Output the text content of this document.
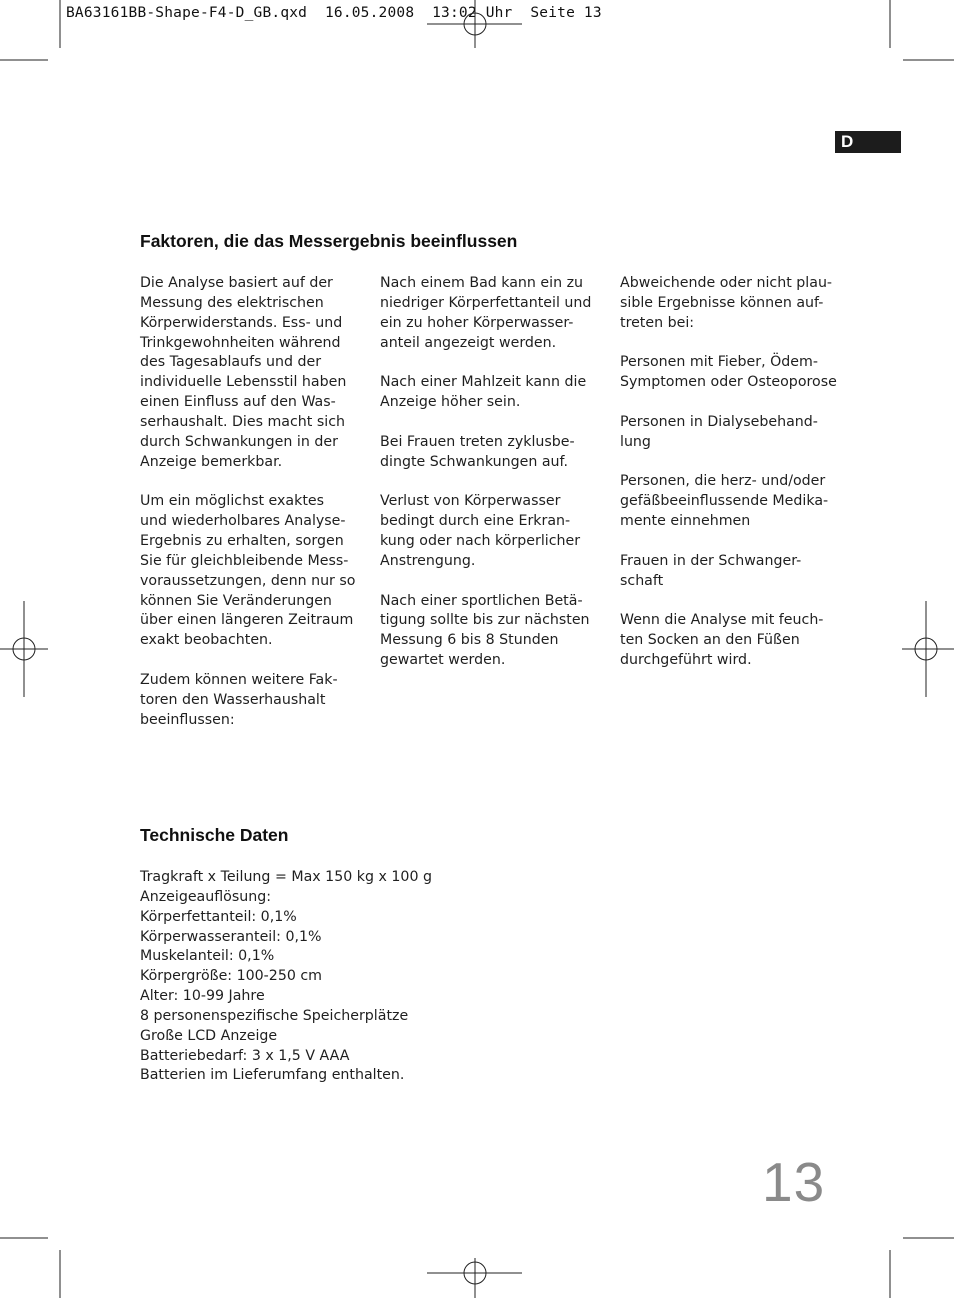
BA63161BB-Shape-F4-D_GB.qxd  16.05.2008  13:02 Uhr  Seite 13
D
Faktoren, die das Messergebnis beeinflussen

Die Analyse basiert auf der
Messung des elektrischen
Körperwiderstands. Ess- und
Trinkgewohnheiten während
des Tagesablaufs und der
individuelle Lebensstil haben
einen Einfluss auf den Was-
serhaushalt. Dies macht sich
durch Schwankungen in der
Anzeige bemerkbar.

Um ein möglichst exaktes
und wiederholbares Analyse-
Ergebnis zu erhalten, sorgen
Sie für gleichbleibende Mess-
voraussetzungen, denn nur so
können Sie Veränderungen
über einen längeren Zeitraum
exakt beobachten.

Zudem können weitere Fak-
toren den Wasserhaushalt
beeinflussen:

Nach einem Bad kann ein zu
niedriger Körperfettanteil und
ein zu hoher Körperwasser-
anteil angezeigt werden.

Nach einer Mahlzeit kann die
Anzeige höher sein.

Bei Frauen treten zyklusbe-
dingte Schwankungen auf.

Verlust von Körperwasser
bedingt durch eine Erkran-
kung oder nach körperlicher
Anstrengung.

Nach einer sportlichen Betä-
tigung sollte bis zur nächsten
Messung 6 bis 8 Stunden
gewartet werden.

Abweichende oder nicht plau-
sible Ergebnisse können auf-
treten bei:

Personen mit Fieber, Ödem-
Symptomen oder Osteoporose

Personen in Dialysebehand-
lung

Personen, die herz- und/oder
gefäßbeeinflussende Medika-
mente einnehmen

Frauen in der Schwanger-
schaft

Wenn die Analyse mit feuch-
ten Socken an den Füßen
durchgeführt wird.

Technische Daten
Tragkraft x Teilung = Max 150 kg x 100 g
Anzeigeauflösung:
Körperfettanteil: 0,1%
Körperwasseranteil: 0,1%
Muskelanteil: 0,1%
Körpergröße: 100-250 cm
Alter: 10-99 Jahre
8 personenspezifische Speicherplätze
Große LCD Anzeige
Batteriebedarf: 3 x 1,5 V AAA
Batterien im Lieferumfang enthalten.
13
